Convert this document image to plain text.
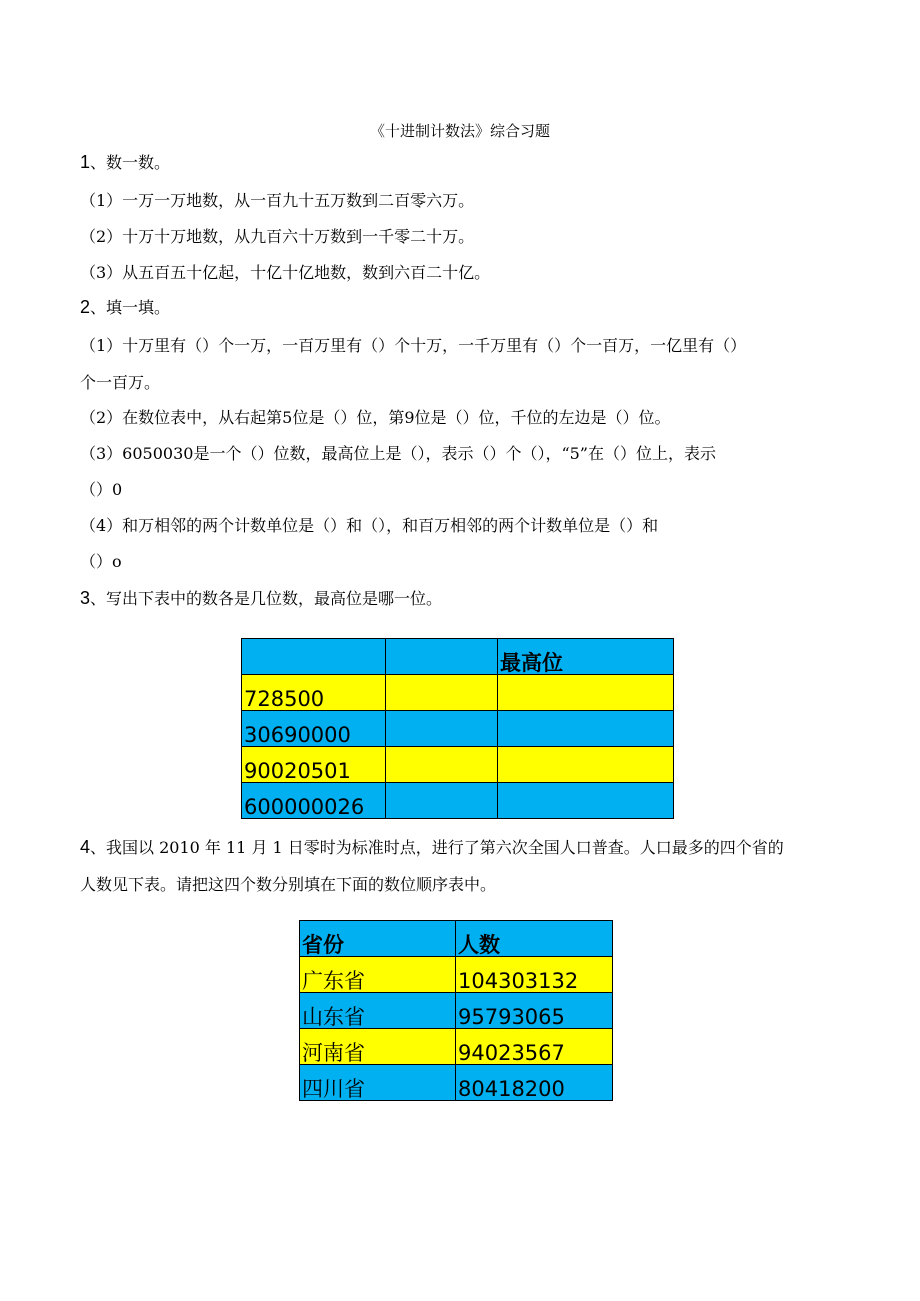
《十进制计数法》综合习题
1、数一数。
（1）一万一万地数，从一百九十五万数到二百零六万。
（2）十万十万地数，从九百六十万数到一千零二十万。
（3）从五百五十亿起，十亿十亿地数，数到六百二十亿。
2、填一填。
（1）十万里有（）个一万，一百万里有（）个十万，一千万里有（）个一百万，一亿里有（）
个一百万。
（2）在数位表中，从右起第5位是（）位，第9位是（）位，千位的左边是（）位。
（3）6050030是一个（）位数，最高位上是（），表示（）个（），“5”在（）位上，表示
（）0
（4）和万相邻的两个计数单位是（）和（），和百万相邻的两个计数单位是（）和
（）o
3、写出下表中的数各是几位数，最高位是哪一位。
		最高位
728500		
30690000		
90020501		
600000026		
4、我国以 2010 年 11 月 1 日零时为标准时点，进行了第六次全国人口普查。人口最多的四个省的
人数见下表。请把这四个数分别填在下面的数位顺序表中。
省份	人数
广东省	104303132
山东省	95793065
河南省	94023567
四川省	80418200
